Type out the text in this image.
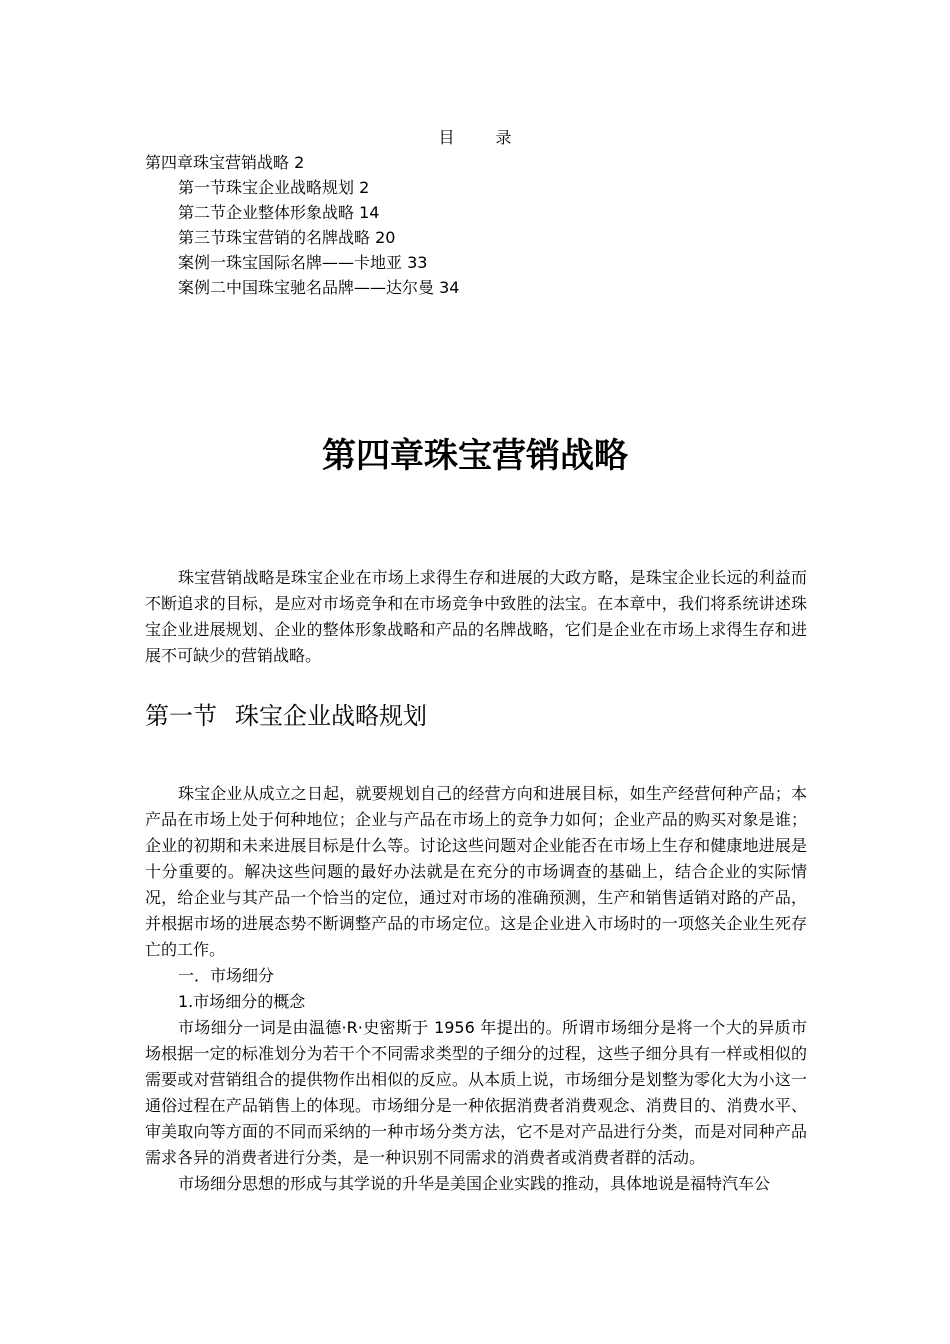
目 录
第四章珠宝营销战略 2
第一节珠宝企业战略规划 2
第二节企业整体形象战略 14
第三节珠宝营销的名牌战略 20
案例一珠宝国际名牌——卡地亚 33
案例二中国珠宝驰名品牌——达尔曼 34
第四章珠宝营销战略

珠宝营销战略是珠宝企业在市场上求得生存和进展的大政方略，是珠宝企业长远的利益而不断追求的目标，是应对市场竞争和在市场竞争中致胜的法宝。在本章中，我们将系统讲述珠宝企业进展规划、企业的整体形象战略和产品的名牌战略，它们是企业在市场上求得生存和进展不可缺少的营销战略。

第一节 珠宝企业战略规划

珠宝企业从成立之日起，就要规划自己的经营方向和进展目标，如生产经营何种产品；本产品在市场上处于何种地位；企业与产品在市场上的竞争力如何；企业产品的购买对象是谁；企业的初期和未来进展目标是什么等。讨论这些问题对企业能否在市场上生存和健康地进展是十分重要的。解决这些问题的最好办法就是在充分的市场调查的基础上，结合企业的实际情况，给企业与其产品一个恰当的定位，通过对市场的准确预测，生产和销售适销对路的产品，并根据市场的进展态势不断调整产品的市场定位。这是企业进入市场时的一项悠关企业生死存亡的工作。

一．市场细分
1.市场细分的概念

市场细分一词是由温德·R·史密斯于 1956 年提出的。所谓市场细分是将一个大的异质市场根据一定的标准划分为若干个不同需求类型的子细分的过程，这些子细分具有一样或相似的需要或对营销组合的提供物作出相似的反应。从本质上说，市场细分是划整为零化大为小这一通俗过程在产品销售上的体现。市场细分是一种依据消费者消费观念、消费目的、消费水平、审美取向等方面的不同而采纳的一种市场分类方法，它不是对产品进行分类，而是对同种产品需求各异的消费者进行分类，是一种识别不同需求的消费者或消费者群的活动。

市场细分思想的形成与其学说的升华是美国企业实践的推动，具体地说是福特汽车公
